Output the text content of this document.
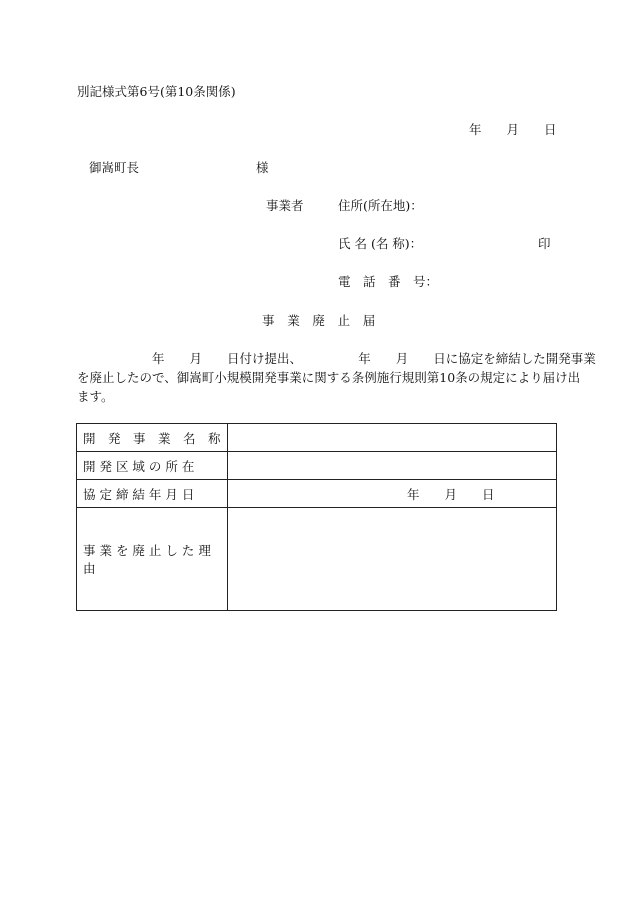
別記様式第6号(第10条関係)
年　　月　　日
御嵩町長	様
事業者	住所(所在地)：
氏 名 (名 称)：	印
電　話　番　号：
事　業　廃　止　届
　　　　　　年　　月　　日付け提出、　　　　　年　　月　　日に協定を締結した開発事業
を廃止したので、御嵩町小規模開発事業に関する条例施行規則第10条の規定により届け出
ます。
開　発　事　業　名　称	
開 発 区 域 の 所 在	
協 定 締 結 年 月 日	年　　月　　日
事 業 を 廃 止 し た 理 由	
